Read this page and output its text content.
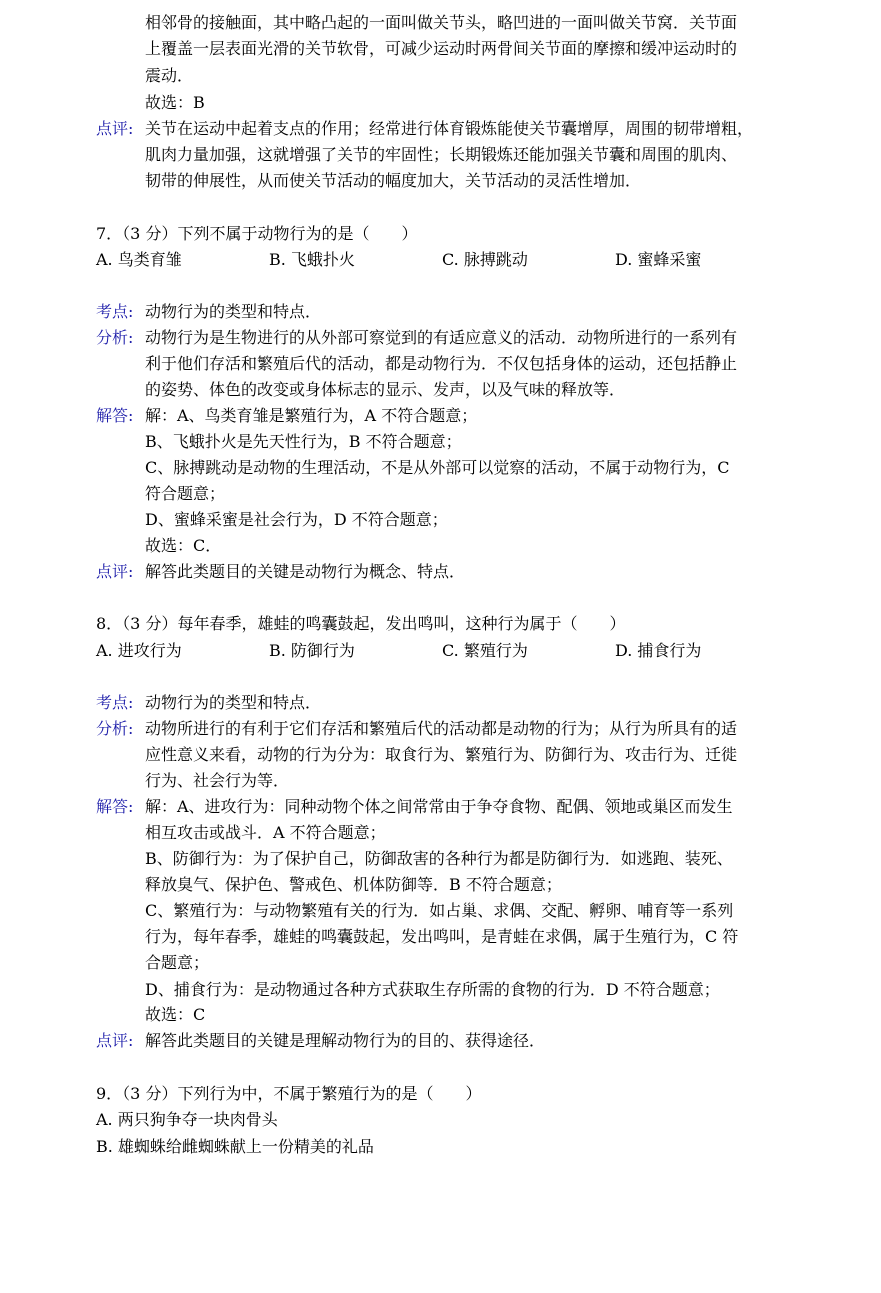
相邻骨的接触面，其中略凸起的一面叫做关节头，略凹进的一面叫做关节窝．关节面
上覆盖一层表面光滑的关节软骨，可减少运动时两骨间关节面的摩擦和缓冲运动时的
震动．
故选：B
点评: 关节在运动中起着支点的作用；经常进行体育锻炼能使关节囊增厚，周围的韧带增粗，
肌肉力量加强，这就增强了关节的牢固性；长期锻炼还能加强关节囊和周围的肌肉、
韧带的伸展性，从而使关节活动的幅度加大，关节活动的灵活性增加．
7．（3 分）下列不属于动物行为的是（　　）
A. 鸟类育雏	B. 飞蛾扑火	C. 脉搏跳动	D. 蜜蜂采蜜
考点: 动物行为的类型和特点．
分析: 动物行为是生物进行的从外部可察觉到的有适应意义的活动．动物所进行的一系列有
利于他们存活和繁殖后代的活动，都是动物行为．不仅包括身体的运动，还包括静止
的姿势、体色的改变或身体标志的显示、发声，以及气味的释放等．
解答: 解：A、鸟类育雏是繁殖行为，A 不符合题意；
B、飞蛾扑火是先天性行为，B 不符合题意；
C、脉搏跳动是动物的生理活动，不是从外部可以觉察的活动，不属于动物行为，C
符合题意；
D、蜜蜂采蜜是社会行为，D 不符合题意；
故选：C．
点评: 解答此类题目的关键是动物行为概念、特点．
8．（3 分）每年春季，雄蛙的鸣囊鼓起，发出鸣叫，这种行为属于（　　）
A. 进攻行为	B. 防御行为	C. 繁殖行为	D. 捕食行为
考点: 动物行为的类型和特点．
分析: 动物所进行的有利于它们存活和繁殖后代的活动都是动物的行为；从行为所具有的适
应性意义来看，动物的行为分为：取食行为、繁殖行为、防御行为、攻击行为、迁徙
行为、社会行为等．
解答: 解：A、进攻行为：同种动物个体之间常常由于争夺食物、配偶、领地或巢区而发生
相互攻击或战斗．A 不符合题意；
B、防御行为：为了保护自己，防御敌害的各种行为都是防御行为．如逃跑、装死、
释放臭气、保护色、警戒色、机体防御等．B 不符合题意；
C、繁殖行为：与动物繁殖有关的行为．如占巢、求偶、交配、孵卵、哺育等一系列
行为，每年春季，雄蛙的鸣囊鼓起，发出鸣叫，是青蛙在求偶，属于生殖行为，C 符
合题意；
D、捕食行为：是动物通过各种方式获取生存所需的食物的行为．D 不符合题意；
故选：C
点评: 解答此类题目的关键是理解动物行为的目的、获得途径．
9．（3 分）下列行为中，不属于繁殖行为的是（　　）
A. 两只狗争夺一块肉骨头
B. 雄蜘蛛给雌蜘蛛献上一份精美的礼品
